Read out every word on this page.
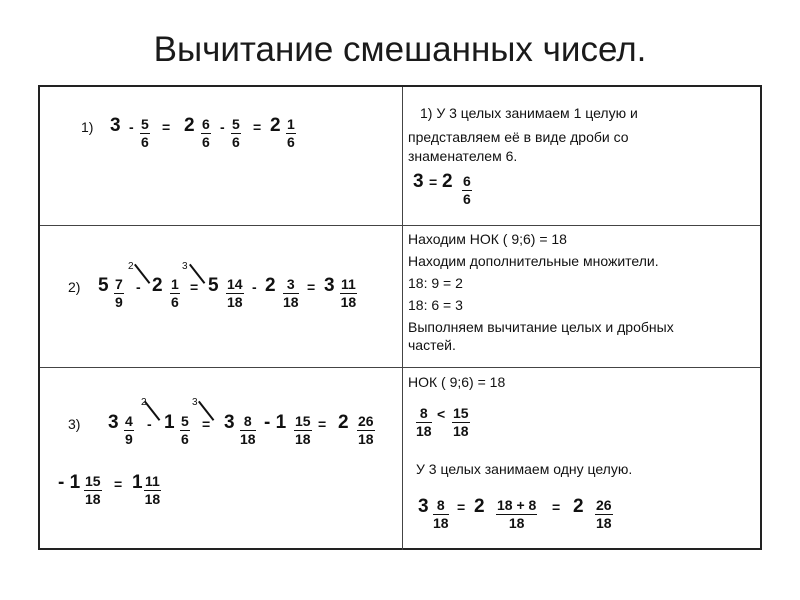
Вычитание смешанных чисел.
1) $3 - \frac{5}{6} = 2 \frac{6}{6} - \frac{5}{6} = 2 \frac{1}{6}$
1) У 3 целых занимаем 1 целую и
представляем её в виде дроби со
знаменателем 6.
$3 = 2 \frac{6}{6}$
2) $5 \frac{7}{9}$
2
- $2 \frac{1}{6}$
3
= $5 \frac{14}{18} - 2 \frac{3}{18} = 3 \frac{11}{18}$
Находим НОК ( 9;6) = 18
Находим дополнительные множители.
18: 9 = 2
18: 6 = 3
Выполняем вычитание целых и дробных
частей.
3) $3 \frac{4}{9}$
2
- $1 \frac{5}{6}$
3
= $3 \frac{8}{18} - 1 \frac{15}{18} = 2 \frac{26}{18}$
- $1 \frac{15}{18} = 1 \frac{11}{18}$
НОК ( 9;6) = 18
$\frac{8}{18} < \frac{15}{18}$
У 3 целых занимаем одну целую.
$3 \frac{8}{18} = 2 \frac{18 + 8}{18} = 2 \frac{26}{18}$
